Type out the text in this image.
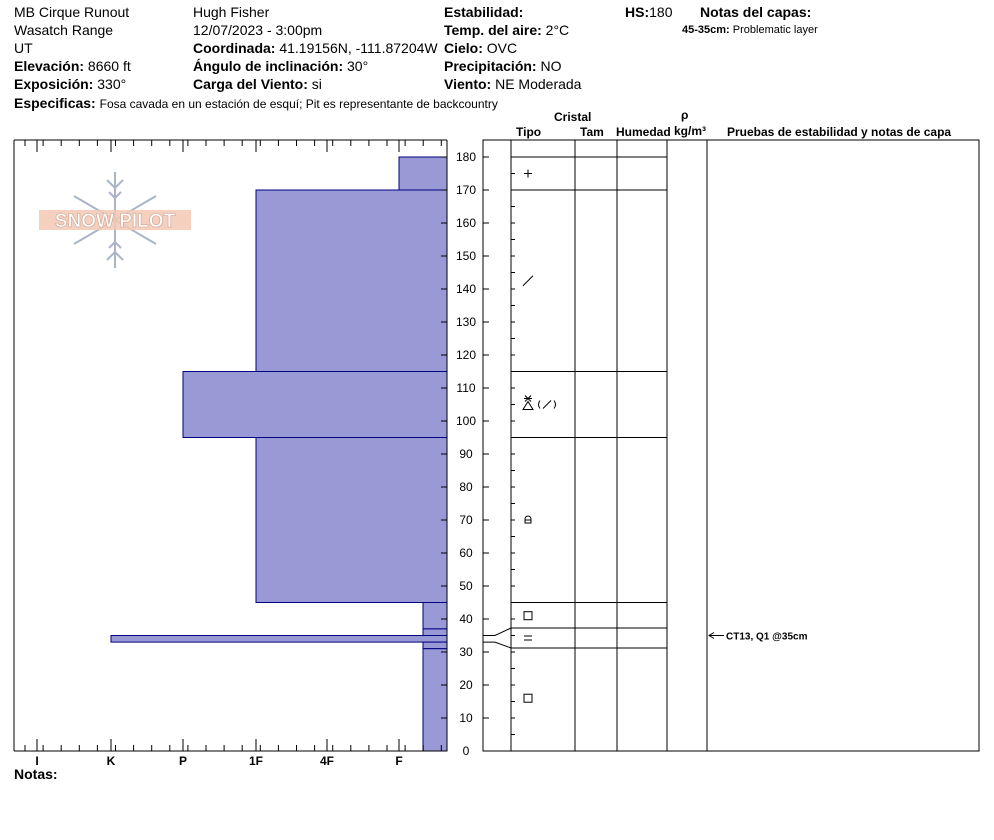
MB Cirque Runout
Wasatch Range
UT
Elevación: 8660 ft
Exposición: 330°
Especificas: Fosa cavada en un estación de esquí; Pit es representante de backcountry
Hugh Fisher
12/07/2023 - 3:00pm
Coordinada: 41.19156N, -111.87204W
Ángulo de inclinación: 30°
Carga del Viento: si
Estabilidad:
Temp. del aire: 2°C
Cielo: OVC
Precipitación: NO
Viento: NE Moderada
HS:180 Notas del capas:
45-35cm: Problematic layer
Cristal
Tipo	Tam Humedad
ρ
kg/m³ Pruebas de estabilidad y notas de capa
Notas:
SNOW PILOT
I	K	P	1F	4F	F
0
10
20
30
40
50
60
70
80
90
100
110
120
130
140
150
160
170
180
CT13, Q1 @35cm
